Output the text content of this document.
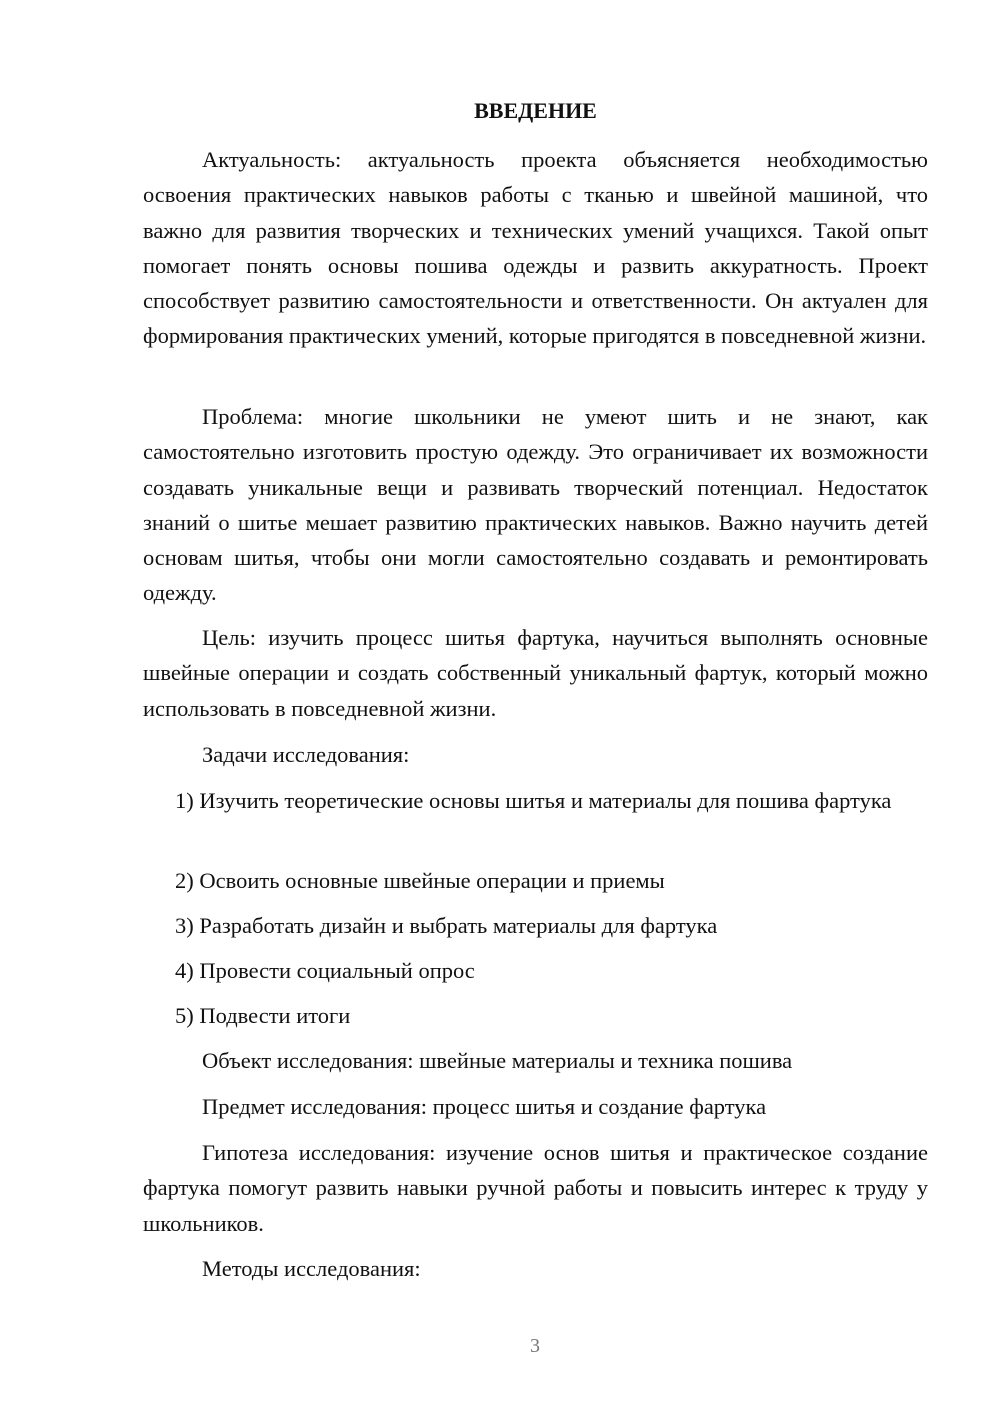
ВВЕДЕНИЕ

Актуальность: актуальность проекта объясняется необходимостью освоения практических навыков работы с тканью и швейной машиной, что важно для развития творческих и технических умений учащихся. Такой опыт помогает понять основы пошива одежды и развить аккуратность. Проект способствует развитию самостоятельности и ответственности. Он актуален для формирования практических умений, которые пригодятся в повседневной жизни.

Проблема: многие школьники не умеют шить и не знают, как самостоятельно изготовить простую одежду. Это ограничивает их возможности создавать уникальные вещи и развивать творческий потенциал. Недостаток знаний о шитье мешает развитию практических навыков. Важно научить детей основам шитья, чтобы они могли самостоятельно создавать и ремонтировать одежду.

Цель: изучить процесс шитья фартука, научиться выполнять основные швейные операции и создать собственный уникальный фартук, который можно использовать в повседневной жизни.

Задачи исследования:

1) Изучить теоретические основы шитья и материалы для пошива фартука

2) Освоить основные швейные операции и приемы

3) Разработать дизайн и выбрать материалы для фартука

4) Провести социальный опрос

5) Подвести итоги

Объект исследования: швейные материалы и техника пошива

Предмет исследования: процесс шитья и создание фартука

Гипотеза исследования: изучение основ шитья и практическое создание фартука помогут развить навыки ручной работы и повысить интерес к труду у школьников.

Методы исследования:

3
